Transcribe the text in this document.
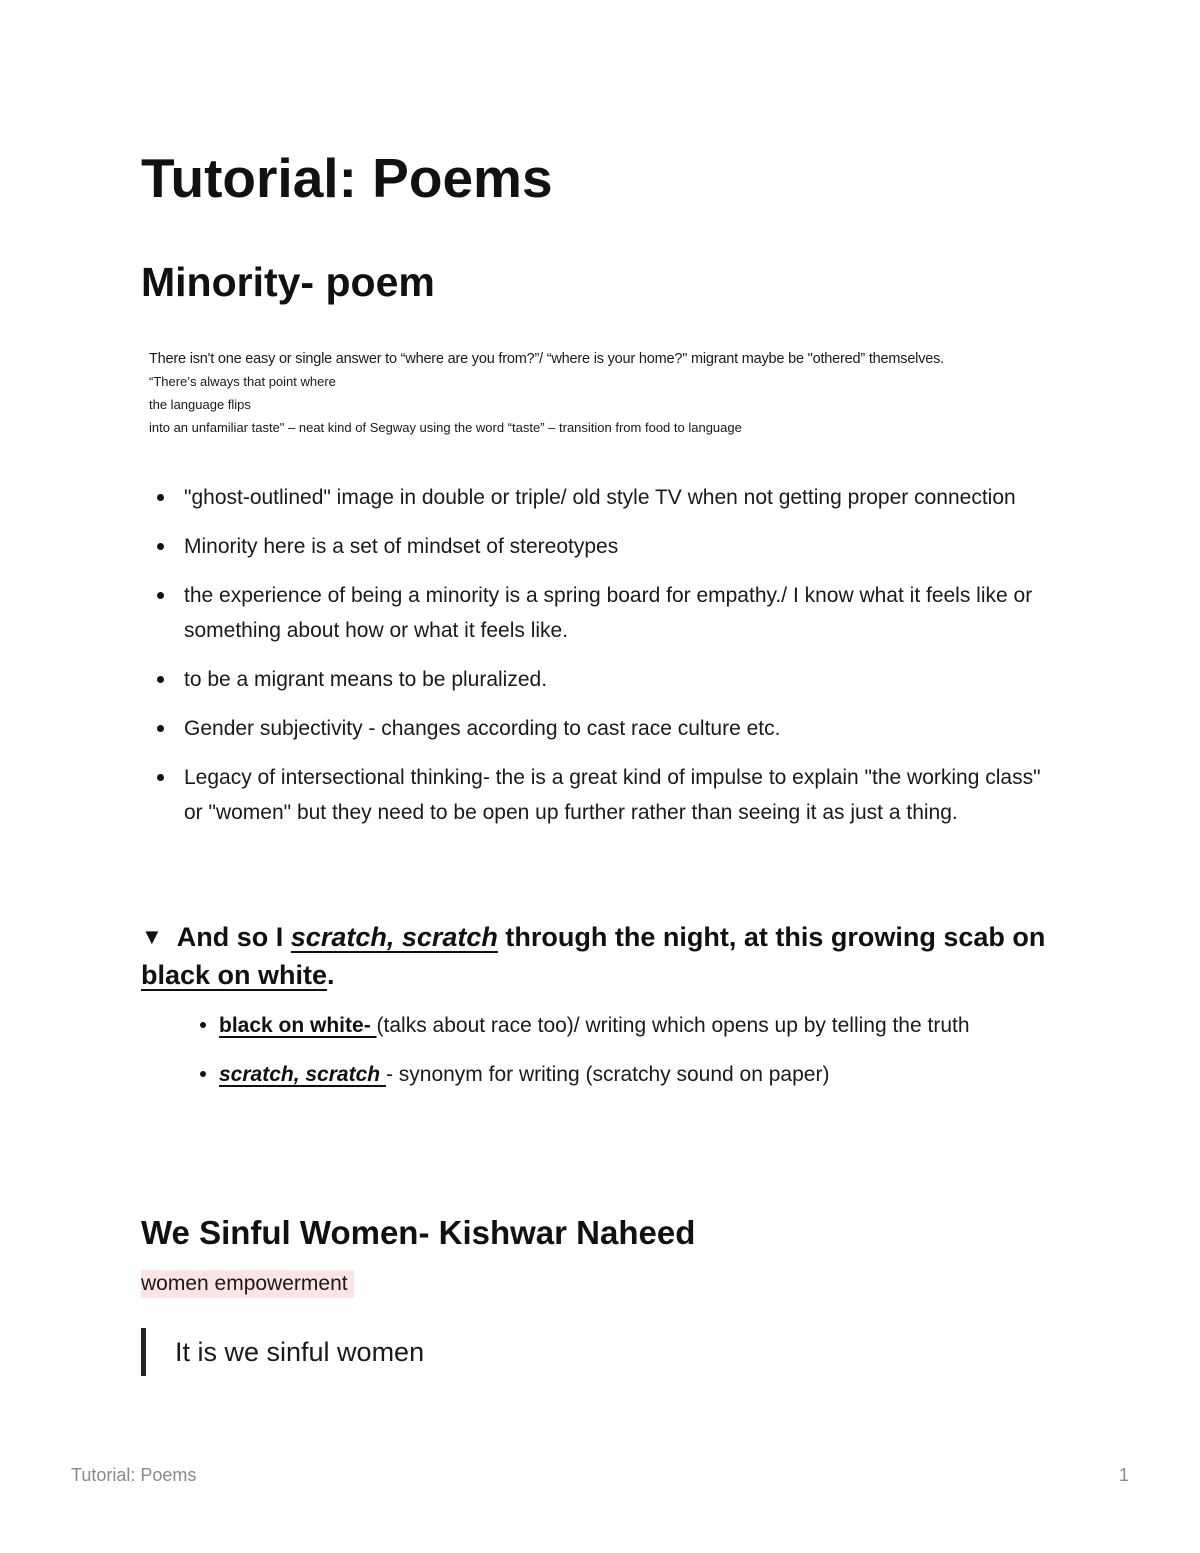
Tutorial: Poems
Minority- poem
There isn't one easy or single answer to “where are you from?”/ “where is your home?" migrant maybe be "othered” themselves.
“There’s always that point where
the language flips
into an unfamiliar taste" – neat kind of Segway using the word “taste” – transition from food to language
"ghost-outlined" image in double or triple/ old style TV when not getting proper connection
Minority here is a set of mindset of stereotypes
the experience of being a minority is a spring board for empathy./ I know what it feels like or something about how or what it feels like.
to be a migrant means to be pluralized.
Gender subjectivity - changes according to cast race culture etc.
Legacy of intersectional thinking- the is a great kind of impulse to explain "the working class" or "women" but they need to be open up further rather than seeing it as just a thing.
▼ And so I scratch, scratch through the night, at this growing scab on black on white.
black on white- (talks about race too)/ writing which opens up by telling the truth
scratch, scratch - synonym for writing (scratchy sound on paper)
We Sinful Women- Kishwar Naheed
women empowerment
It is we sinful women
Tutorial: Poems	1
